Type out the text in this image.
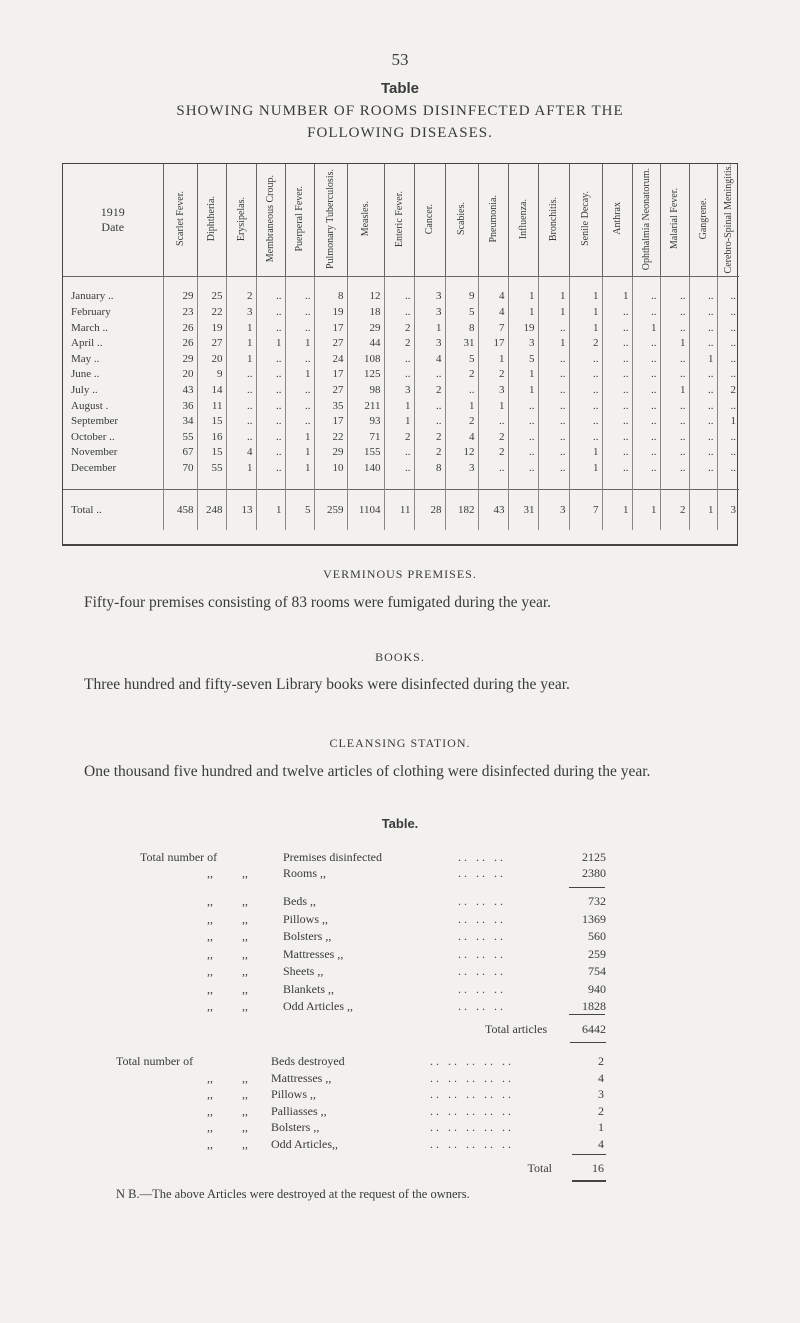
53
Table
SHOWING NUMBER OF ROOMS DISINFECTED AFTER THE
FOLLOWING DISEASES.
1919
Date	Scarlet Fever.	Diphtheria.	Erysipelas.	Membraneous Croup.	Puerperal Fever.	Pulmonary Tuberculosis.	Measles.	Enteric Fever.	Cancer.	Scabies.	Pneumonia.	Influenza.	Bronchitis.	Senile Decay.	Anthrax	Ophthalmia Neonatorum.	Malarial Fever.	Gangrene.	Cerebro-Spinal Meningitis.

January ..	29	25	2	..	..	8	12	..	3	9	4	1	1	1	1	..	..	..	..
February	23	22	3	..	..	19	18	..	3	5	4	1	1	1	..	..	..	..	..
March ..	26	19	1	..	..	17	29	2	1	8	7	19	..	1	..	1	..	..	..
April ..	26	27	1	1	1	27	44	2	3	31	17	3	1	2	..	..	1	..	..
May ..	29	20	1	..	..	24	108	..	4	5	1	5	..	..	..	..	..	1	..
June ..	20	9	..	..	1	17	125	..	..	2	2	1	..	..	..	..	..	..	..
July ..	43	14	..	..	..	27	98	3	2	..	3	1	..	..	..	..	1	..	2
August .	36	11	..	..	..	35	211	1	..	1	1	..	..	..	..	..	..	..	..
September	34	15	..	..	..	17	93	1	..	2	..	..	..	..	..	..	..	..	1
October ..	55	16	..	..	1	22	71	2	2	4	2	..	..	..	..	..	..	..	..
November	67	15	4	..	1	29	155	..	2	12	2	..	..	1	..	..	..	..	..
December	70	55	1	..	1	10	140	..	8	3	..	..	..	1	..	..	..	..	..

Total ..	458	248	13	1	5	259	1104	11	28	182	43	31	3	7	1	1	2	1	3
VERMINOUS PREMISES.
Fifty-four premises consisting of 83 rooms were fumigated during the year.
BOOKS.
Three hundred and fifty-seven Library books were disinfected during the year.
CLEANSING STATION.
One thousand five hundred and twelve articles of clothing were disinfected during the year.
Table.
Total number of	Premises disinfected	.. .. ..	2125
,,	,,	Rooms ,,	.. .. ..	2380
,,	,,	Beds ,,	.. .. ..	732
,,	,,	Pillows ,,	.. .. ..	1369
,,	,,	Bolsters ,,	.. .. ..	560
,,	,,	Mattresses ,,	.. .. ..	259
,,	,,	Sheets ,,	.. .. ..	754
,,	,,	Blankets ,,	.. .. ..	940
,,	,,	Odd Articles ,,	.. .. ..	1828
Total articles	6442
Total number of	Beds destroyed	.. .. .. .. ..	2
,,	,,	Mattresses ,,	.. .. .. .. ..	4
,,	,,	Pillows ,,	.. .. .. .. ..	3
,,	,,	Palliasses ,,	.. .. .. .. ..	2
,,	,,	Bolsters ,,	.. .. .. .. ..	1
,,	,,	Odd Articles,,	.. .. .. .. ..	4
Total	16
N B.—The above Articles were destroyed at the request of the owners.
